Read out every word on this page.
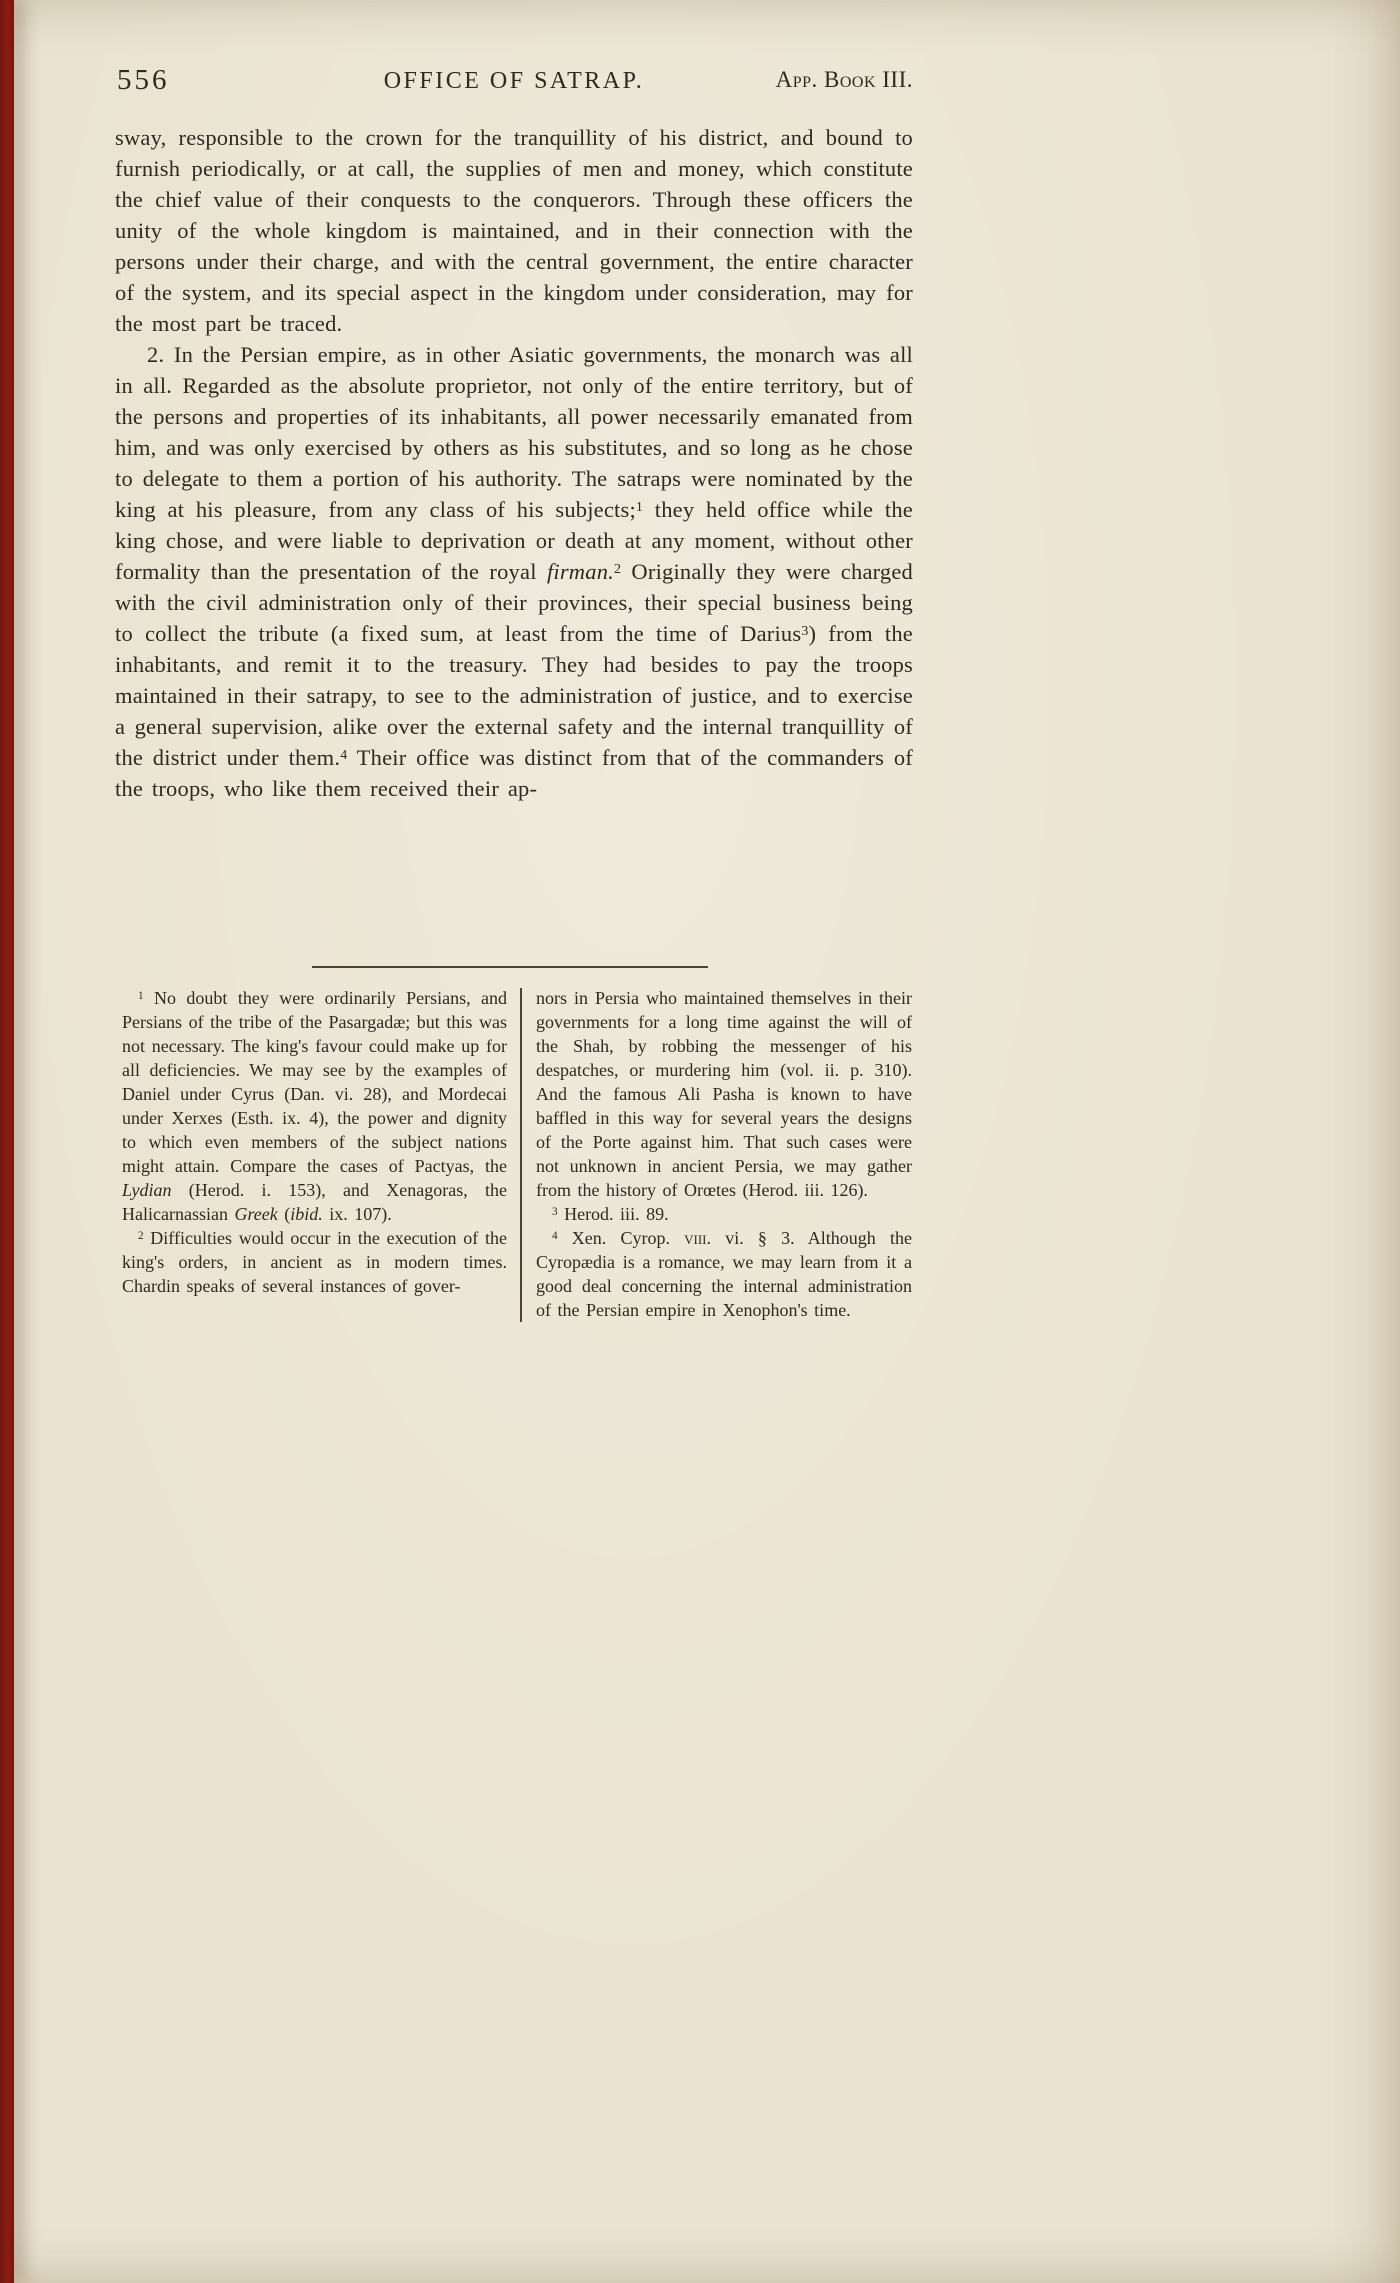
556	OFFICE OF SATRAP.	App. Book III.

sway, responsible to the crown for the tranquillity of his district, and bound to furnish periodically, or at call, the supplies of men and money, which constitute the chief value of their conquests to the conquerors. Through these officers the unity of the whole kingdom is maintained, and in their connection with the persons under their charge, and with the central government, the entire character of the system, and its special aspect in the kingdom under consideration, may for the most part be traced.

2. In the Persian empire, as in other Asiatic governments, the monarch was all in all. Regarded as the absolute proprietor, not only of the entire territory, but of the persons and properties of its inhabitants, all power necessarily emanated from him, and was only exercised by others as his substitutes, and so long as he chose to delegate to them a portion of his authority. The satraps were nominated by the king at his pleasure, from any class of his subjects;$^1$ they held office while the king chose, and were liable to deprivation or death at any moment, without other formality than the presentation of the royal firman.$^2$ Originally they were charged with the civil administration only of their provinces, their special business being to collect the tribute (a fixed sum, at least from the time of Darius$^3$) from the inhabitants, and remit it to the treasury. They had besides to pay the troops maintained in their satrapy, to see to the administration of justice, and to exercise a general supervision, alike over the external safety and the internal tranquillity of the district under them.$^4$ Their office was distinct from that of the commanders of the troops, who like them received their ap-

$^1$ No doubt they were ordinarily Persians, and Persians of the tribe of the Pasargadæ; but this was not necessary. The king's favour could make up for all deficiencies. We may see by the examples of Daniel under Cyrus (Dan. vi. 28), and Mordecai under Xerxes (Esth. ix. 4), the power and dignity to which even members of the subject nations might attain. Compare the cases of Pactyas, the Lydian (Herod. i. 153), and Xenagoras, the Halicarnassian Greek (ibid. ix. 107).

$^2$ Difficulties would occur in the execution of the king's orders, in ancient as in modern times. Chardin speaks of several instances of gover-

nors in Persia who maintained themselves in their governments for a long time against the will of the Shah, by robbing the messenger of his despatches, or murdering him (vol. ii. p. 310). And the famous Ali Pasha is known to have baffled in this way for several years the designs of the Porte against him. That such cases were not unknown in ancient Persia, we may gather from the history of Orœtes (Herod. iii. 126).

$^3$ Herod. iii. 89.

$^4$ Xen. Cyrop. viii. vi. § 3. Although the Cyropædia is a romance, we may learn from it a good deal concerning the internal administration of the Persian empire in Xenophon's time.
